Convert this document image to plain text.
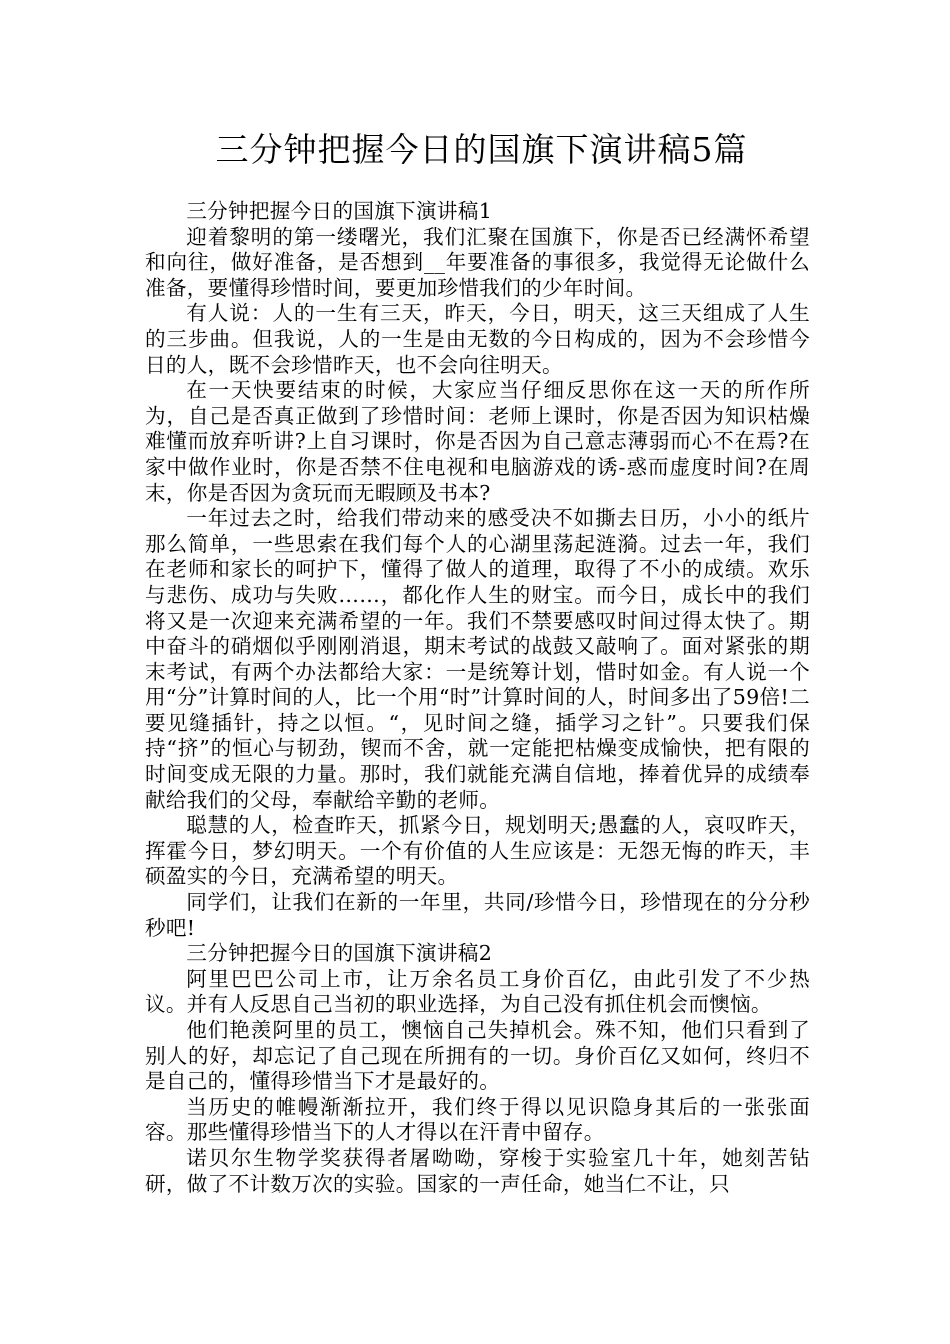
三分钟把握今日的国旗下演讲稿5篇

三分钟把握今日的国旗下演讲稿1

迎着黎明的第一缕曙光，我们汇聚在国旗下，你是否已经满怀希望和向往，做好准备，是否想到__年要准备的事很多，我觉得无论做什么准备，要懂得珍惜时间，要更加珍惜我们的少年时间。

有人说：人的一生有三天，昨天，今日，明天，这三天组成了人生的三步曲。但我说，人的一生是由无数的今日构成的，因为不会珍惜今日的人，既不会珍惜昨天，也不会向往明天。

在一天快要结束的时候，大家应当仔细反思你在这一天的所作所为，自己是否真正做到了珍惜时间：老师上课时，你是否因为知识枯燥难懂而放弃听讲?上自习课时，你是否因为自己意志薄弱而心不在焉?在家中做作业时，你是否禁不住电视和电脑游戏的诱-惑而虚度时间?在周末，你是否因为贪玩而无暇顾及书本?

一年过去之时，给我们带动来的感受决不如撕去日历，小小的纸片那么简单，一些思索在我们每个人的心湖里荡起涟漪。过去一年，我们在老师和家长的呵护下，懂得了做人的道理，取得了不小的成绩。欢乐与悲伤、成功与失败……，都化作人生的财宝。而今日，成长中的我们将又是一次迎来充满希望的一年。我们不禁要感叹时间过得太快了。期中奋斗的硝烟似乎刚刚消退，期末考试的战鼓又敲响了。面对紧张的期末考试，有两个办法都给大家：一是统筹计划，惜时如金。有人说一个用“分”计算时间的人，比一个用“时”计算时间的人，时间多出了59倍!二要见缝插针，持之以恒。“，见时间之缝，插学习之针”。只要我们保持“挤”的恒心与韧劲，锲而不舍，就一定能把枯燥变成愉快，把有限的时间变成无限的力量。那时，我们就能充满自信地，捧着优异的成绩奉献给我们的父母，奉献给辛勤的老师。

聪慧的人，检查昨天，抓紧今日，规划明天;愚蠢的人，哀叹昨天，挥霍今日，梦幻明天。一个有价值的人生应该是：无怨无悔的昨天，丰硕盈实的今日，充满希望的明天。

同学们，让我们在新的一年里，共同/珍惜今日，珍惜现在的分分秒秒吧!

三分钟把握今日的国旗下演讲稿2

阿里巴巴公司上市，让万余名员工身价百亿，由此引发了不少热议。并有人反思自己当初的职业选择，为自己没有抓住机会而懊恼。

他们艳羡阿里的员工，懊恼自己失掉机会。殊不知，他们只看到了别人的好，却忘记了自己现在所拥有的一切。身价百亿又如何，终归不是自己的，懂得珍惜当下才是最好的。

当历史的帷幔渐渐拉开，我们终于得以见识隐身其后的一张张面容。那些懂得珍惜当下的人才得以在汗青中留存。

诺贝尔生物学奖获得者屠呦呦，穿梭于实验室几十年，她刻苦钻研，做了不计数万次的实验。国家的一声任命，她当仁不让，只
